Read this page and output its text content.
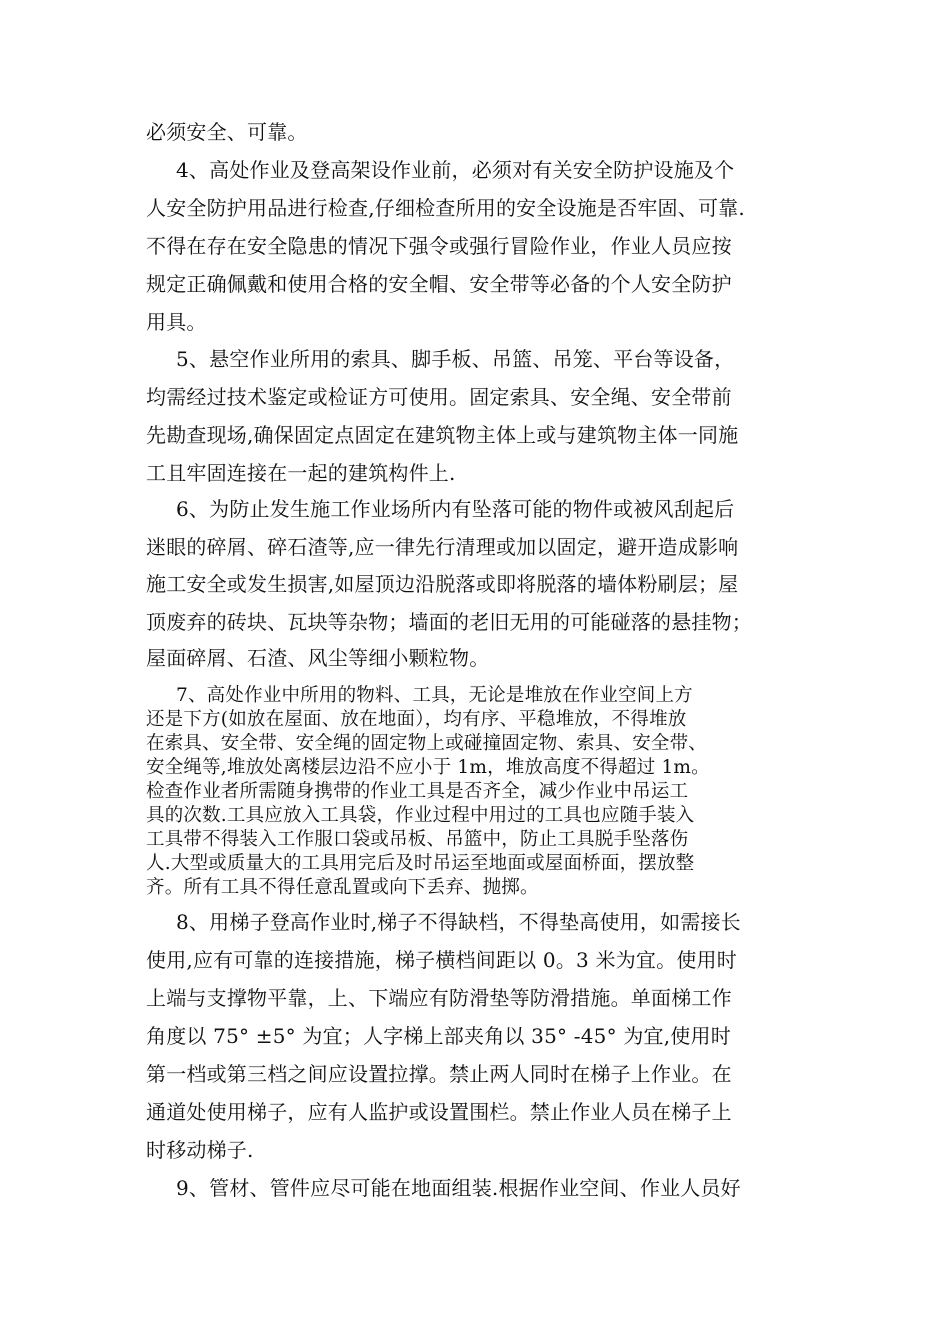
必须安全、可靠。
4、高处作业及登高架设作业前，必须对有关安全防护设施及个
人安全防护用品进行检查,仔细检查所用的安全设施是否牢固、可靠.
不得在存在安全隐患的情况下强令或强行冒险作业，作业人员应按
规定正确佩戴和使用合格的安全帽、安全带等必备的个人安全防护
用具。
5、悬空作业所用的索具、脚手板、吊篮、吊笼、平台等设备，
均需经过技术鉴定或检证方可使用。固定索具、安全绳、安全带前
先勘查现场,确保固定点固定在建筑物主体上或与建筑物主体一同施
工且牢固连接在一起的建筑构件上.
6、为防止发生施工作业场所内有坠落可能的物件或被风刮起后
迷眼的碎屑、碎石渣等,应一律先行清理或加以固定，避开造成影响
施工安全或发生损害,如屋顶边沿脱落或即将脱落的墙体粉刷层；屋
顶废弃的砖块、瓦块等杂物；墙面的老旧无用的可能碰落的悬挂物；
屋面碎屑、石渣、风尘等细小颗粒物。
7、高处作业中所用的物料、工具，无论是堆放在作业空间上方
还是下方(如放在屋面、放在地面），均有序、平稳堆放，不得堆放
在索具、安全带、安全绳的固定物上或碰撞固定物、索具、安全带、
安全绳等,堆放处离楼层边沿不应小于 1m，堆放高度不得超过 1m。
检查作业者所需随身携带的作业工具是否齐全，减少作业中吊运工
具的次数.工具应放入工具袋，作业过程中用过的工具也应随手装入
工具带不得装入工作服口袋或吊板、吊篮中，防止工具脱手坠落伤
人.大型或质量大的工具用完后及时吊运至地面或屋面桥面，摆放整
齐。所有工具不得任意乱置或向下丢弃、抛掷。
8、用梯子登高作业时,梯子不得缺档，不得垫高使用，如需接长
使用,应有可靠的连接措施，梯子横档间距以 0。3 米为宜。使用时
上端与支撑物平靠，上、下端应有防滑垫等防滑措施。单面梯工作
角度以 75° ±5° 为宜；人字梯上部夹角以 35° -45° 为宜,使用时
第一档或第三档之间应设置拉撑。禁止两人同时在梯子上作业。在
通道处使用梯子，应有人监护或设置围栏。禁止作业人员在梯子上
时移动梯子.
9、管材、管件应尽可能在地面组装.根据作业空间、作业人员好
